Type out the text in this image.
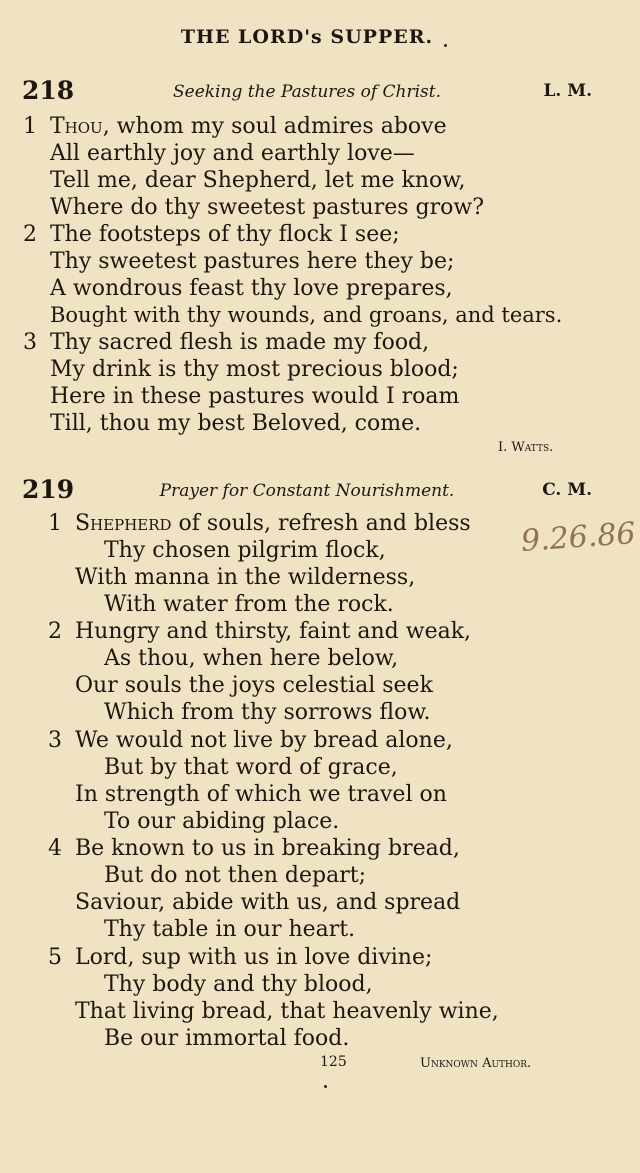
THE LORD's SUPPER.
218	Seeking the Pastures of Christ.	L. M.
1 Thou, whom my soul admires above
All earthly joy and earthly love—
Tell me, dear Shepherd, let me know,
Where do thy sweetest pastures grow?
2 The footsteps of thy flock I see;
Thy sweetest pastures here they be;
A wondrous feast thy love prepares,
Bought with thy wounds, and groans, and tears.
3 Thy sacred flesh is made my food,
My drink is thy most precious blood;
Here in these pastures would I roam
Till, thou my best Beloved, come.
I. Watts.
219	Prayer for Constant Nourishment.	C. M.
9.26.86
1 Shepherd of souls, refresh and bless
Thy chosen pilgrim flock,
With manna in the wilderness,
With water from the rock.
2 Hungry and thirsty, faint and weak,
As thou, when here below,
Our souls the joys celestial seek
Which from thy sorrows flow.
3 We would not live by bread alone,
But by that word of grace,
In strength of which we travel on
To our abiding place.
4 Be known to us in breaking bread,
But do not then depart;
Saviour, abide with us, and spread
Thy table in our heart.
5 Lord, sup with us in love divine;
Thy body and thy blood,
That living bread, that heavenly wine,
Be our immortal food.
125	Unknown Author.
